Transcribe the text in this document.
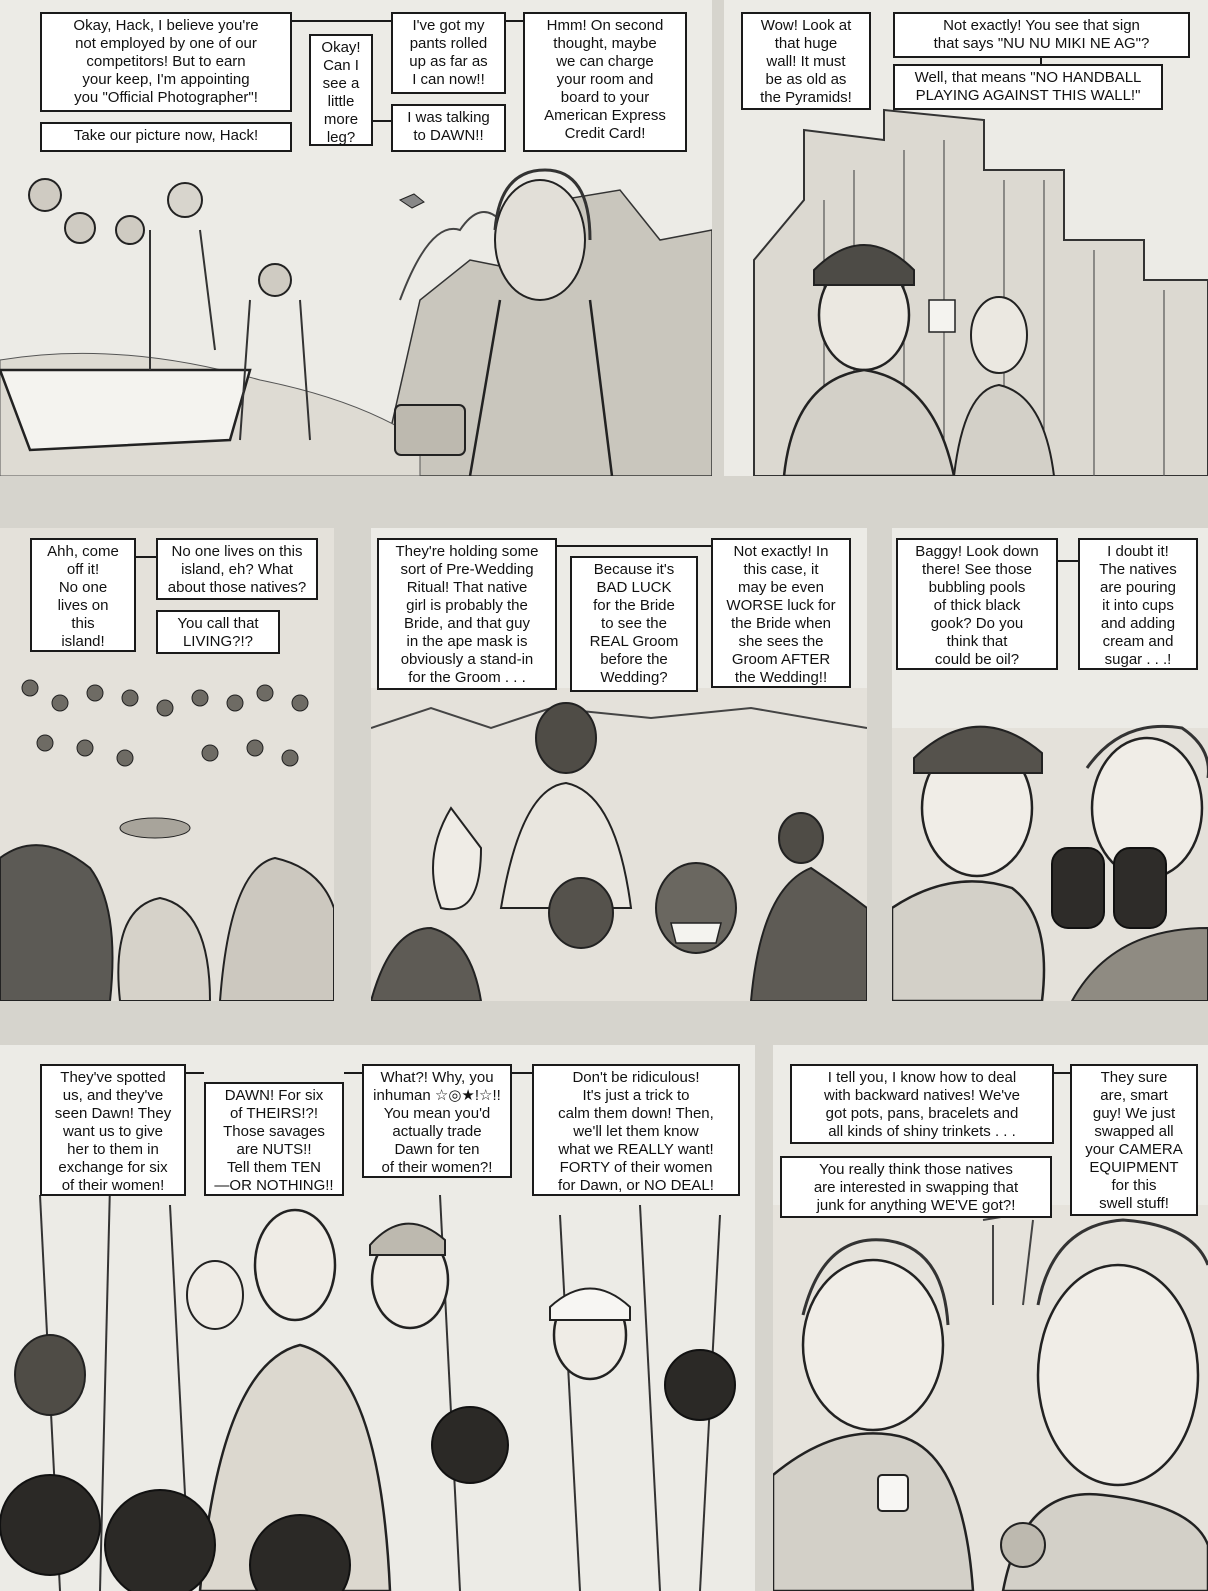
Okay, Hack, I believe you're
not employed by one of our
competitors! But to earn
your keep, I'm appointing
you "Official Photographer"!
Take our picture now, Hack!
Okay!
Can I
see a
little
more
leg?
I've got my
pants rolled
up as far as
I can now!!
I was talking
to DAWN!!
Hmm! On second
thought, maybe
we can charge
your room and
board to your
American Express
Credit Card!
Wow! Look at
that huge
wall! It must
be as old as
the Pyramids!
Not exactly! You see that sign
that says "NU NU MIKI NE AG"?
Well, that means "NO HANDBALL
PLAYING AGAINST THIS WALL!"
Ahh, come
off it!
No one
lives on
this
island!
No one lives on this
island, eh? What
about those natives?
You call that
LIVING?!?
They're holding some
sort of Pre-Wedding
Ritual! That native
girl is probably the
Bride, and that guy
in the ape mask is
obviously a stand-in
for the Groom . . .
Because it's
BAD LUCK
for the Bride
to see the
REAL Groom
before the
Wedding?
Not exactly! In
this case, it
may be even
WORSE luck for
the Bride when
she sees the
Groom AFTER
the Wedding!!
Baggy! Look down
there! See those
bubbling pools
of thick black
gook? Do you
think that
could be oil?
I doubt it!
The natives
are pouring
it into cups
and adding
cream and
sugar . . .!
They've spotted
us, and they've
seen Dawn! They
want us to give
her to them in
exchange for six
of their women!
DAWN! For six
of THEIRS!?!
Those savages
are NUTS!!
Tell them TEN
—OR NOTHING!!
What?! Why, you
inhuman ☆◎★!☆!!
You mean you'd
actually trade
Dawn for ten
of their women?!
Don't be ridiculous!
It's just a trick to
calm them down! Then,
we'll let them know
what we REALLY want!
FORTY of their women
for Dawn, or NO DEAL!
I tell you, I know how to deal
with backward natives! We've
got pots, pans, bracelets and
all kinds of shiny trinkets . . .
You really think those natives
are interested in swapping that
junk for anything WE'VE got?!
They sure
are, smart
guy! We just
swapped all
your CAMERA
EQUIPMENT
for this
swell stuff!
